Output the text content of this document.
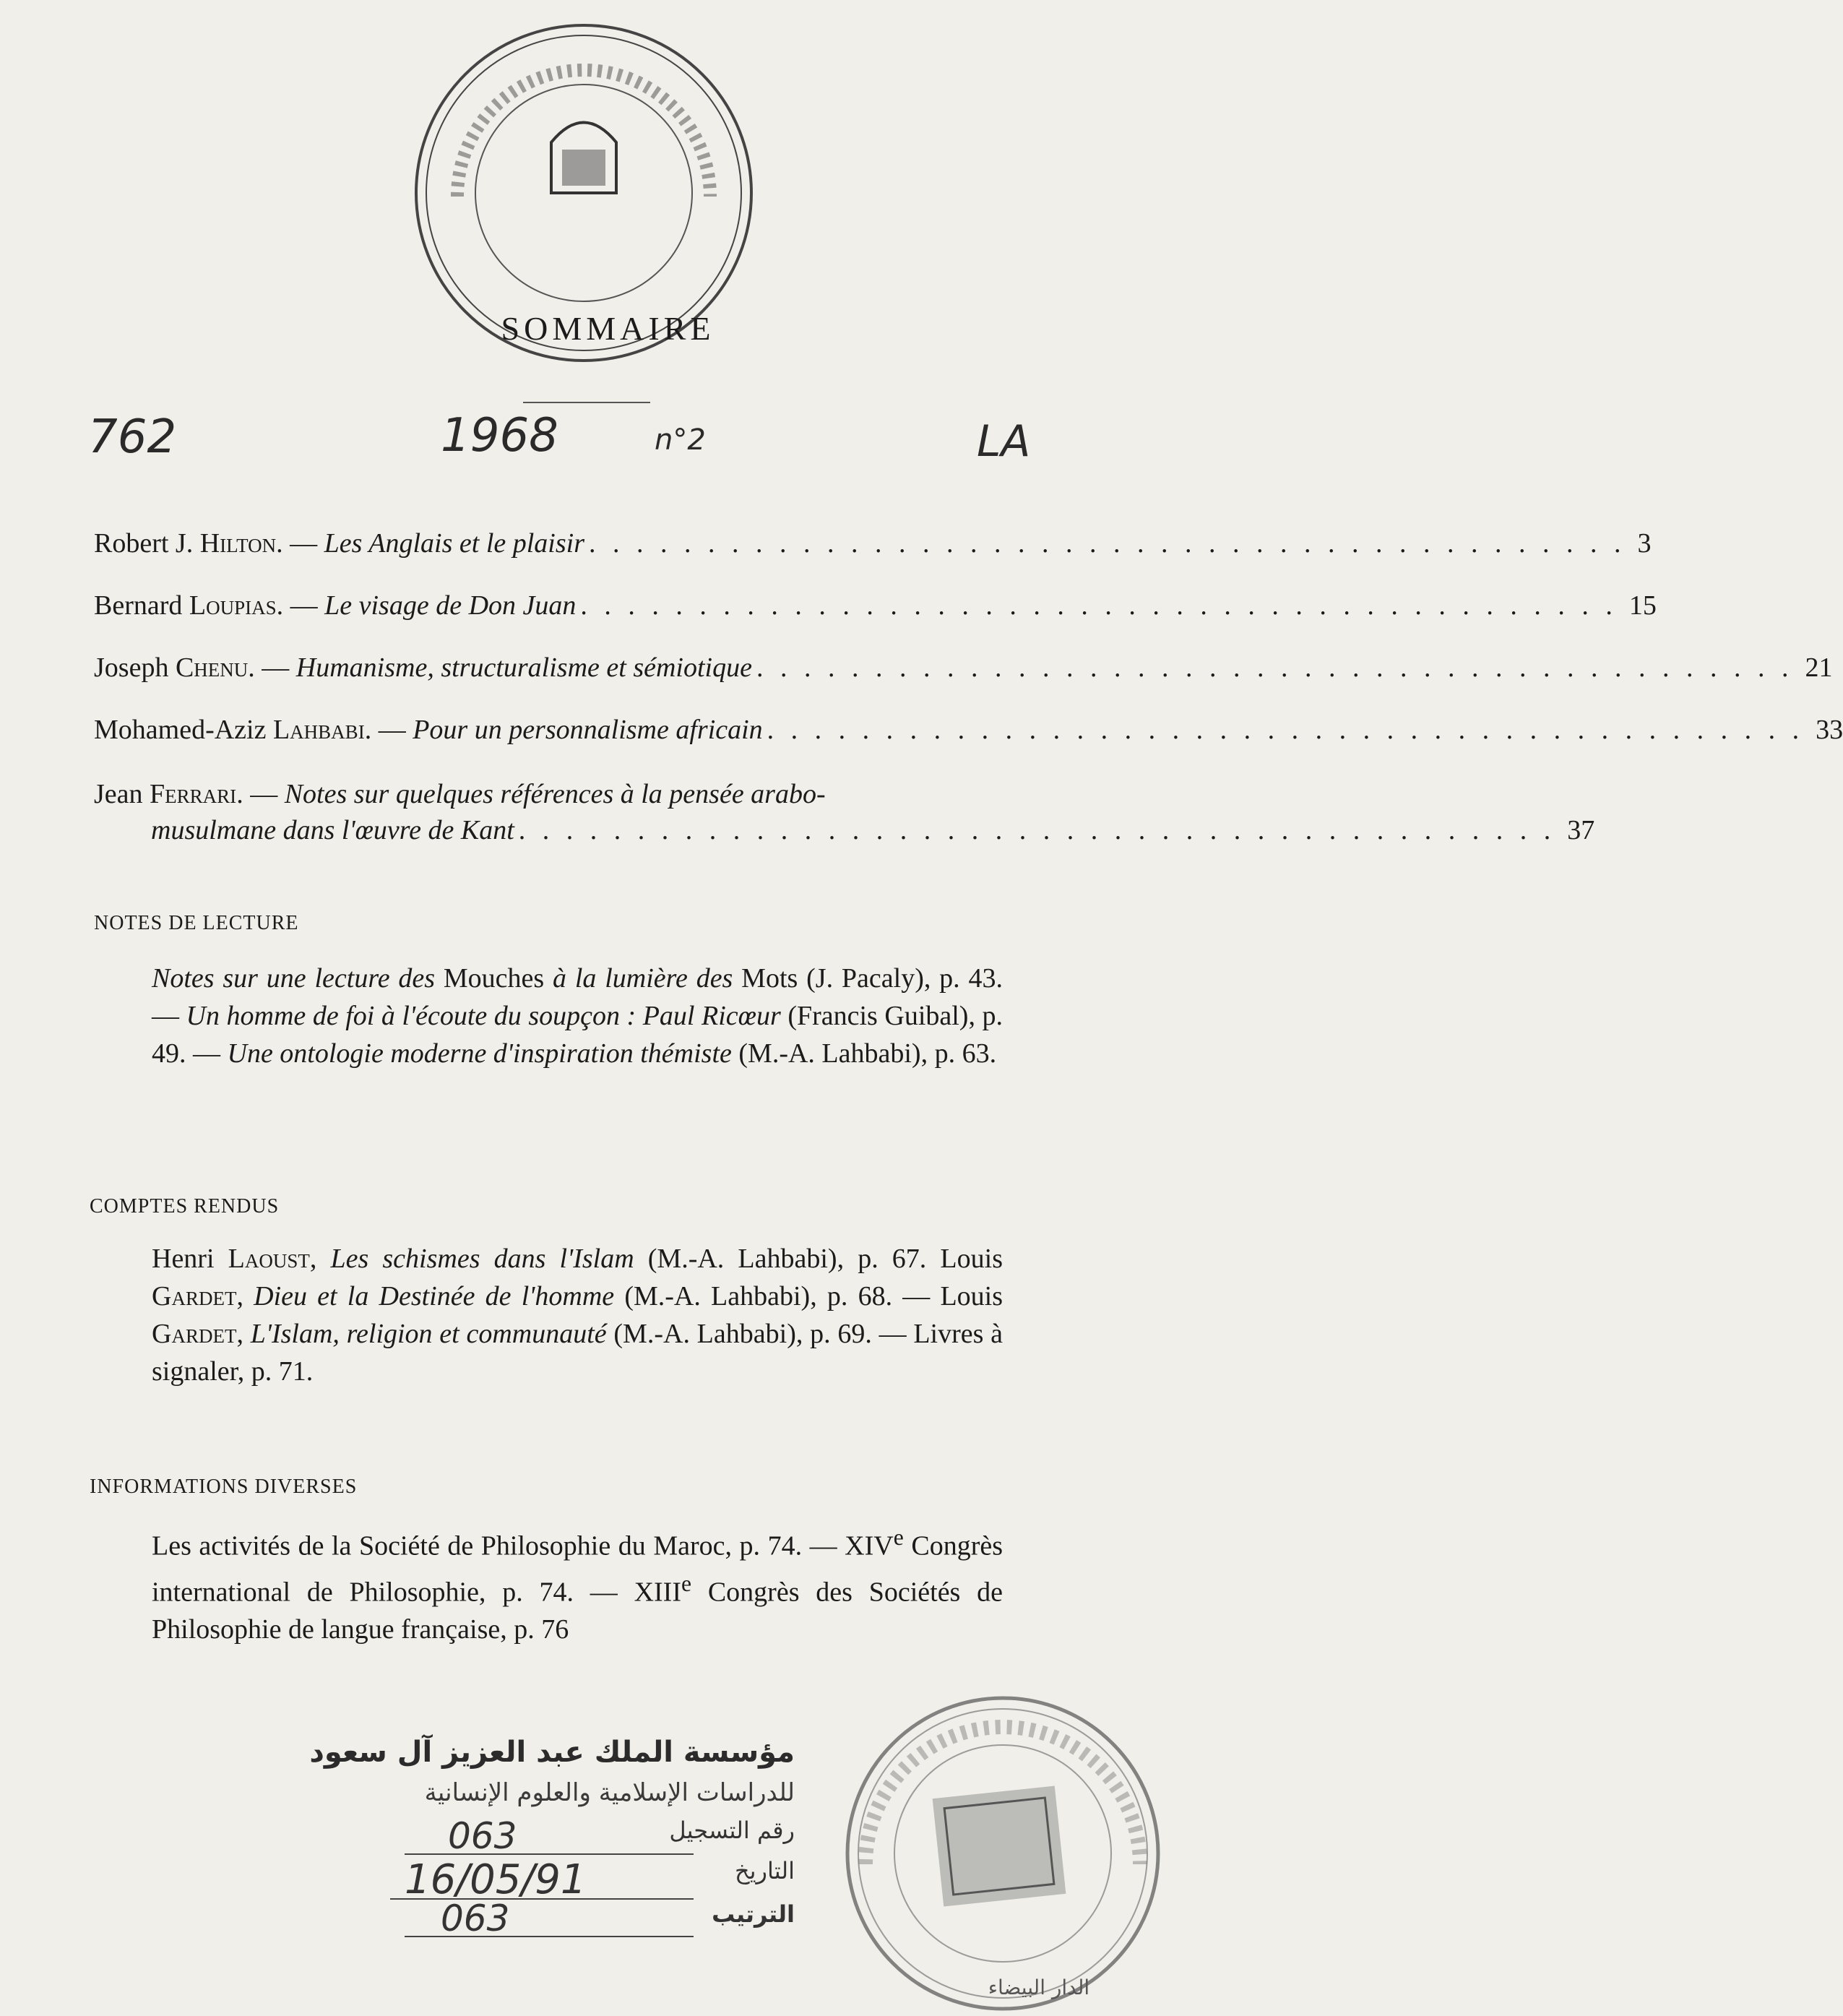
SOMMAIRE
762	1968	n°2	LA
Robert J. Hilton. — Les Anglais et le plaisir . . . . . . . . . . . . . . . . . . . . . . . . . . . . . . . . . . . . . . . . . . . . 3
Bernard Loupias. — Le visage de Don Juan . . . . . . . . . . . . . . . . . . . . . . . . . . . . . . . . . . . . . . . . . . . . 15
Joseph Chenu. — Humanisme, structuralisme et sémiotique . . . . . . . . . . . . . . . . . . . . . . . . . . . . . . . . . . . . . . . . . . . . 21
Mohamed-Aziz Lahbabi. — Pour un personnalisme africain . . . . . . . . . . . . . . . . . . . . . . . . . . . . . . . . . . . . . . . . . . . . 33
Jean Ferrari. — Notes sur quelques références à la pensée arabo-
musulmane dans l'œuvre de Kant . . . . . . . . . . . . . . . . . . . . . . . . . . . . . . . . . . . . . . . . . . . . 37
NOTES DE LECTURE
Notes sur une lecture des Mouches à la lumière des Mots (J. Pacaly), p. 43. — Un homme de foi à l'écoute du soupçon : Paul Ricœur (Francis Guibal), p. 49. — Une ontologie moderne d'inspiration thémiste (M.-A. Lahbabi), p. 63.
COMPTES RENDUS
Henri Laoust, Les schismes dans l'Islam (M.-A. Lahbabi), p. 67. Louis Gardet, Dieu et la Destinée de l'homme (M.-A. Lahbabi), p. 68. — Louis Gardet, L'Islam, religion et communauté (M.-A. Lahbabi), p. 69. — Livres à signaler, p. 71.
INFORMATIONS DIVERSES
Les activités de la Société de Philosophie du Maroc, p. 74. — XIVe Congrès international de Philosophie, p. 74. — XIIIe Congrès des Sociétés de Philosophie de langue française, p. 76
مؤسسة الملك عبد العزيز آل سعود
للدراسات الإسلامية والعلوم الإنسانية
رقم التسجيل
063
التاريخ
16/05/91
الترتيب
063
الدار البيضاء
